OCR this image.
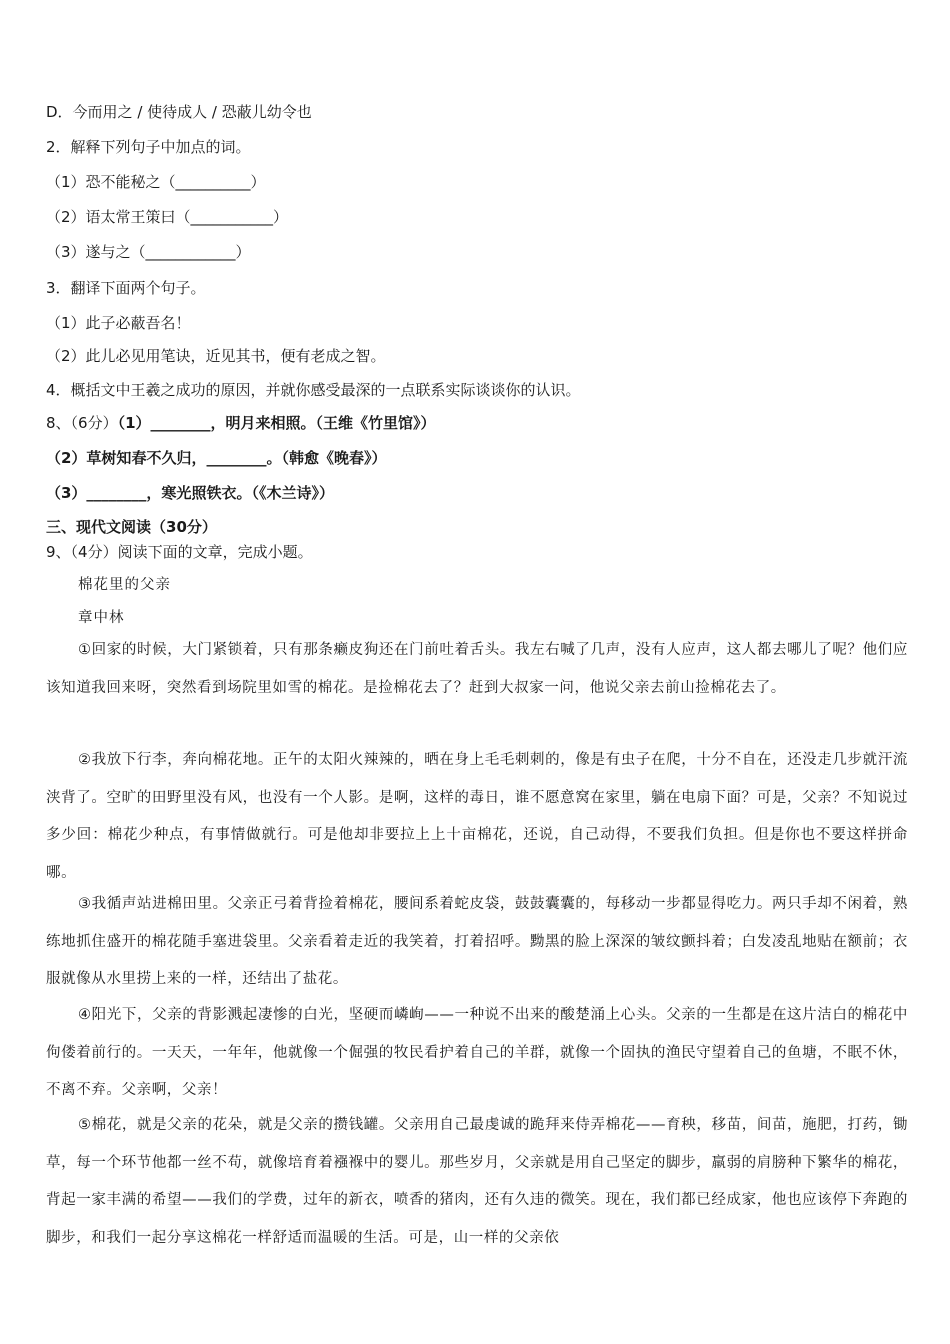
D．今而用之 / 使待成人 / 恐蔽儿幼令也
2．解释下列句子中加点的词。
（1）恐不能秘之（__________）
（2）语太常王策曰（___________）
（3）遂与之（____________）
3．翻译下面两个句子。
（1）此子必蔽吾名！
（2）此儿必见用笔诀，近见其书，便有老成之智。
4．概括文中王羲之成功的原因，并就你感受最深的一点联系实际谈谈你的认识。
8、（6分）（1）________，明月来相照。（王维《竹里馆》）
（2）草树知春不久归，________。（韩愈《晚春》）
（3）________，寒光照铁衣。（《木兰诗》）
三、现代文阅读（30分）
9、（4分）阅读下面的文章，完成小题。
棉花里的父亲
章中林
①回家的时候，大门紧锁着，只有那条癞皮狗还在门前吐着舌头。我左右喊了几声，没有人应声，这人都去哪儿了呢？他们应该知道我回来呀，突然看到场院里如雪的棉花。是捡棉花去了？赶到大叔家一问，他说父亲去前山捡棉花去了。
②我放下行李，奔向棉花地。正午的太阳火辣辣的，晒在身上毛毛刺刺的，像是有虫子在爬，十分不自在，还没走几步就汗流浃背了。空旷的田野里没有风，也没有一个人影。是啊，这样的毒日，谁不愿意窝在家里，躺在电扇下面？可是，父亲？不知说过多少回：棉花少种点，有事情做就行。可是他却非要拉上上十亩棉花，还说，自己动得，不要我们负担。但是你也不要这样拼命哪。
③我循声站进棉田里。父亲正弓着背捡着棉花，腰间系着蛇皮袋，鼓鼓囊囊的，每移动一步都显得吃力。两只手却不闲着，熟练地抓住盛开的棉花随手塞进袋里。父亲看着走近的我笑着，打着招呼。黝黑的脸上深深的皱纹颤抖着；白发凌乱地贴在额前；衣服就像从水里捞上来的一样，还结出了盐花。
④阳光下，父亲的背影溅起凄惨的白光，坚硬而嶙峋——一种说不出来的酸楚涌上心头。父亲的一生都是在这片洁白的棉花中佝偻着前行的。一天天，一年年，他就像一个倔强的牧民看护着自己的羊群，就像一个固执的渔民守望着自己的鱼塘，不眠不休，不离不弃。父亲啊，父亲！
⑤棉花，就是父亲的花朵，就是父亲的攒钱罐。父亲用自己最虔诚的跪拜来侍弄棉花——育秧，移苗，间苗，施肥，打药，锄草，每一个环节他都一丝不苟，就像培育着襁褓中的婴儿。那些岁月，父亲就是用自己坚定的脚步，羸弱的肩膀种下繁华的棉花，背起一家丰满的希望——我们的学费，过年的新衣，喷香的猪肉，还有久违的微笑。现在，我们都已经成家，他也应该停下奔跑的脚步，和我们一起分享这棉花一样舒适而温暖的生活。可是，山一样的父亲依
